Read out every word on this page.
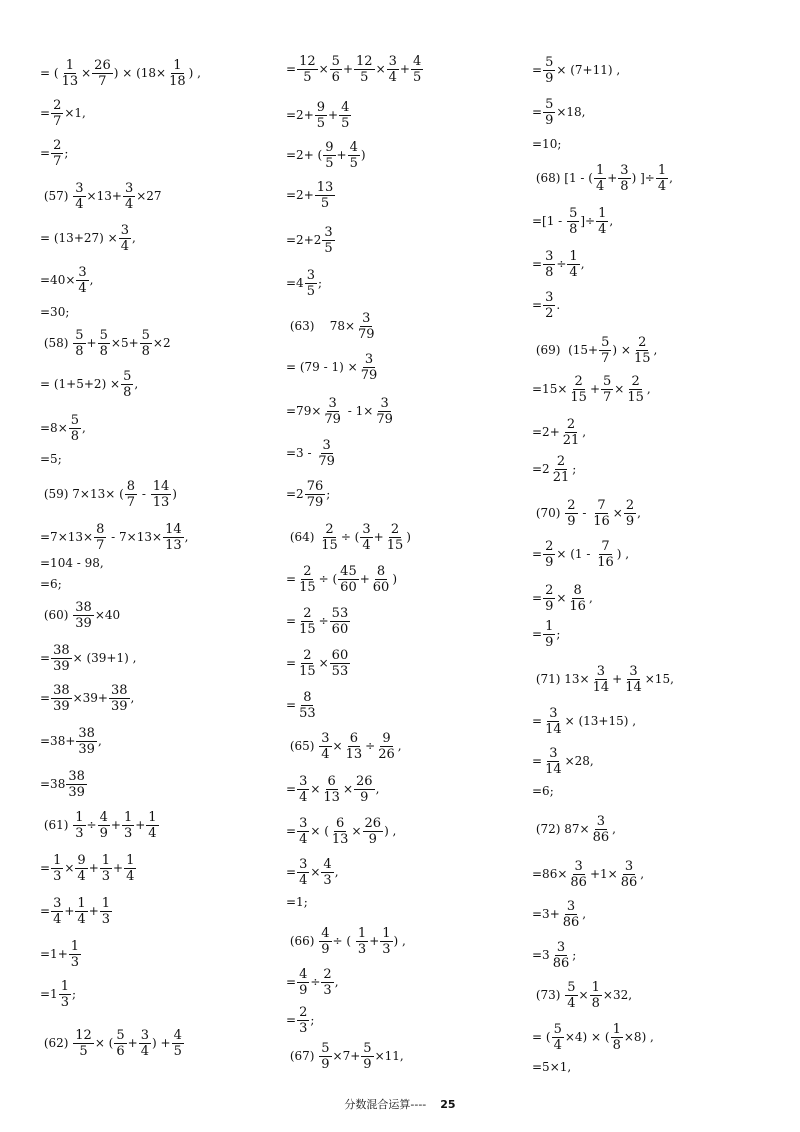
= ( $\frac{1}{13} \times \frac{26}{7}$ ) × ($18\times \frac{1}{18}$ ) ,
= $\frac{2}{7} \times 1$,
= $\frac{2}{7}$ ;
$(57) \frac{3}{4} \times 13+ \frac{3}{4} \times 27$
= $(13+27) \times \frac{3}{4}$ ,
$=40\times \frac{3}{4}$ ,
=30;
$(58) \frac{5}{8} + \frac{5}{8} \times 5+ \frac{5}{8} \times 2$
= $(1+5+2) \times \frac{5}{8}$ ,
$=8\times \frac{5}{8}$ ,
=5;
(59) 7×13× ( $\frac{8}{7} - \frac{14}{13}$ )
$=7\times 13\times \frac{8}{7} - 7\times 13\times \frac{14}{13}$ ,
=104 - 98,
=6;
$(60) \frac{38}{39} \times 40$
= $\frac{38}{39} \times (39+1)$ ,
= $\frac{38}{39} \times 39+ \frac{38}{39}$ ,
$=38+ \frac{38}{39}$ ,
$=38 \frac{38}{39}$
$(61) \frac{1}{3} \div \frac{4}{9} + \frac{1}{3} + \frac{1}{4}$
= $\frac{1}{3} \times \frac{9}{4} + \frac{1}{3} + \frac{1}{4}$
= $\frac{3}{4} + \frac{1}{4} + \frac{1}{3}$
$=1+ \frac{1}{3}$
$=1 \frac{1}{3}$ ;
$(62) \frac{12}{5}$ × ( $\frac{5}{6} + \frac{3}{4}$ ) + $\frac{4}{5}$
= $\frac{12}{5} \times \frac{5}{6} + \frac{12}{5} \times \frac{3}{4} + \frac{4}{5}$
$=2+ \frac{9}{5} + \frac{4}{5}$
=2+ ( $\frac{9}{5} + \frac{4}{5}$ )
$=2+ \frac{13}{5}$
$=2+2 \frac{3}{5}$
$=4 \frac{3}{5}$ ;
(63)    $78\times \frac{3}{79}$
= $(79 - 1) \times \frac{3}{79}$
$=79\times \frac{3}{79} - 1\times \frac{3}{79}$
$=3 - \frac{3}{79}$
$=2 \frac{76}{79}$ ;
$(64) \frac{2}{15}$ ÷ ( $\frac{3}{4} + \frac{2}{15}$ )
= $\frac{2}{15}$ ÷ ( $\frac{45}{60} + \frac{8}{60}$ )
= $\frac{2}{15} \div \frac{53}{60}$
= $\frac{2}{15} \times \frac{60}{53}$
= $\frac{8}{53}$
$(65) \frac{3}{4} \times \frac{6}{13} \div \frac{9}{26}$ ,
= $\frac{3}{4} \times \frac{6}{13} \times \frac{26}{9}$ ,
= $\frac{3}{4}$ × ( $\frac{6}{13} \times \frac{26}{9}$ ) ,
= $\frac{3}{4} \times \frac{4}{3}$ ,
=1;
$(66) \frac{4}{9}$ ÷ ( $\frac{1}{3} + \frac{1}{3}$ ) ,
= $\frac{4}{9} \div \frac{2}{3}$ ,
= $\frac{2}{3}$ ;
$(67) \frac{5}{9} \times 7+ \frac{5}{9} \times 11$,
= $\frac{5}{9} \times (7+11)$ ,
= $\frac{5}{9} \times 18$,
=10;
(68) [1 - ( $\frac{1}{4} + \frac{3}{8}$ ) ]÷ $\frac{1}{4}$ ,
$=[1 - \frac{5}{8}$ ]÷ $\frac{1}{4}$ ,
= $\frac{3}{8} \div \frac{1}{4}$ ,
= $\frac{3}{2}$ .
(69)  ($15+ \frac{5}{7}$ ) × $\frac{2}{15}$ ,
$=15\times \frac{2}{15} + \frac{5}{7} \times \frac{2}{15}$ ,
$=2+ \frac{2}{21}$ ,
$=2 \frac{2}{21}$ ;
$(70) \frac{2}{9} - \frac{7}{16} \times \frac{2}{9}$ ,
= $\frac{2}{9} \times (1 - \frac{7}{16}$ ) ,
= $\frac{2}{9} \times \frac{8}{16}$ ,
= $\frac{1}{9}$ ;
(71) $13\times \frac{3}{14} + \frac{3}{14} \times 15$,
= $\frac{3}{14} \times (13+15)$ ,
= $\frac{3}{14} \times 28$,
=6;
(72) $87\times \frac{3}{86}$ ,
$=86\times \frac{3}{86} +1\times \frac{3}{86}$ ,
$=3+ \frac{3}{86}$ ,
$=3 \frac{3}{86}$ ;
$(73) \frac{5}{4} \times \frac{1}{8} \times 32$,
= ( $\frac{5}{4} \times 4$) × ( $\frac{1}{8} \times 8$) ,
=5×1,
分数混合运算---- 25
